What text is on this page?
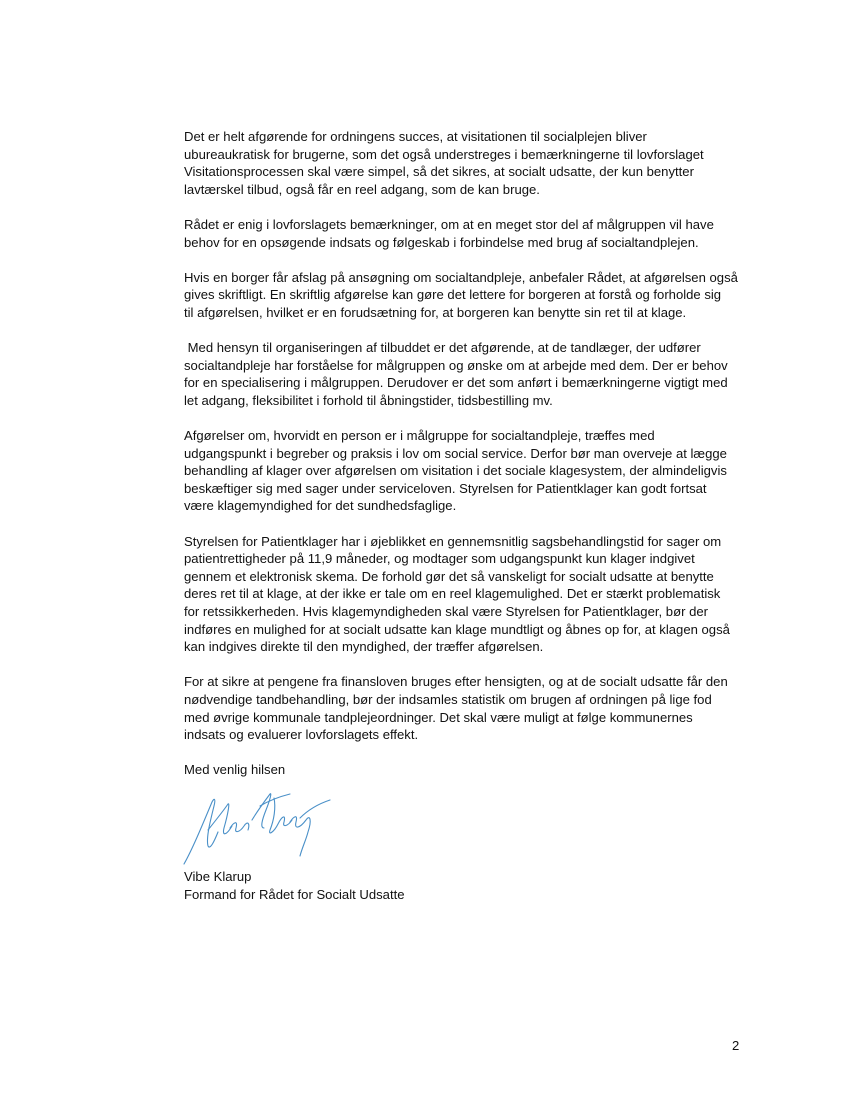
Det er helt afgørende for ordningens succes, at visitationen til socialplejen bliver
ubureaukratisk for brugerne, som det også understreges i bemærkningerne til lovforslaget
Visitationsprocessen skal være simpel, så det sikres, at socialt udsatte, der kun benytter
lavtærskel tilbud, også får en reel adgang, som de kan bruge.
Rådet er enig i lovforslagets bemærkninger, om at en meget stor del af målgruppen vil have
behov for en opsøgende indsats og følgeskab i forbindelse med brug af socialtandplejen.
Hvis en borger får afslag på ansøgning om socialtandpleje, anbefaler Rådet, at afgørelsen også
gives skriftligt. En skriftlig afgørelse kan gøre det lettere for borgeren at forstå og forholde sig
til afgørelsen, hvilket er en forudsætning for, at borgeren kan benytte sin ret til at klage.
Med hensyn til organiseringen af tilbuddet er det afgørende, at de tandlæger, der udfører
socialtandpleje har forståelse for målgruppen og ønske om at arbejde med dem. Der er behov
for en specialisering i målgruppen. Derudover er det som anført i bemærkningerne vigtigt med
let adgang, fleksibilitet i forhold til åbningstider, tidsbestilling mv.
Afgørelser om, hvorvidt en person er i målgruppe for socialtandpleje, træffes med
udgangspunkt i begreber og praksis i lov om social service. Derfor bør man overveje at lægge
behandling af klager over afgørelsen om visitation i det sociale klagesystem, der almindeligvis
beskæftiger sig med sager under serviceloven. Styrelsen for Patientklager kan godt fortsat
være klagemyndighed for det sundhedsfaglige.
Styrelsen for Patientklager har i øjeblikket en gennemsnitlig sagsbehandlingstid for sager om
patientrettigheder på 11,9 måneder, og modtager som udgangspunkt kun klager indgivet
gennem et elektronisk skema. De forhold gør det så vanskeligt for socialt udsatte at benytte
deres ret til at klage, at der ikke er tale om en reel klagemulighed. Det er stærkt problematisk
for retssikkerheden. Hvis klagemyndigheden skal være Styrelsen for Patientklager, bør der
indføres en mulighed for at socialt udsatte kan klage mundtligt og åbnes op for, at klagen også
kan indgives direkte til den myndighed, der træffer afgørelsen.
For at sikre at pengene fra finansloven bruges efter hensigten, og at de socialt udsatte får den
nødvendige tandbehandling, bør der indsamles statistik om brugen af ordningen på lige fod
med øvrige kommunale tandplejeordninger. Det skal være muligt at følge kommunernes
indsats og evaluerer lovforslagets effekt.
Med venlig hilsen
Vibe Klarup
Formand for Rådet for Socialt Udsatte
2
